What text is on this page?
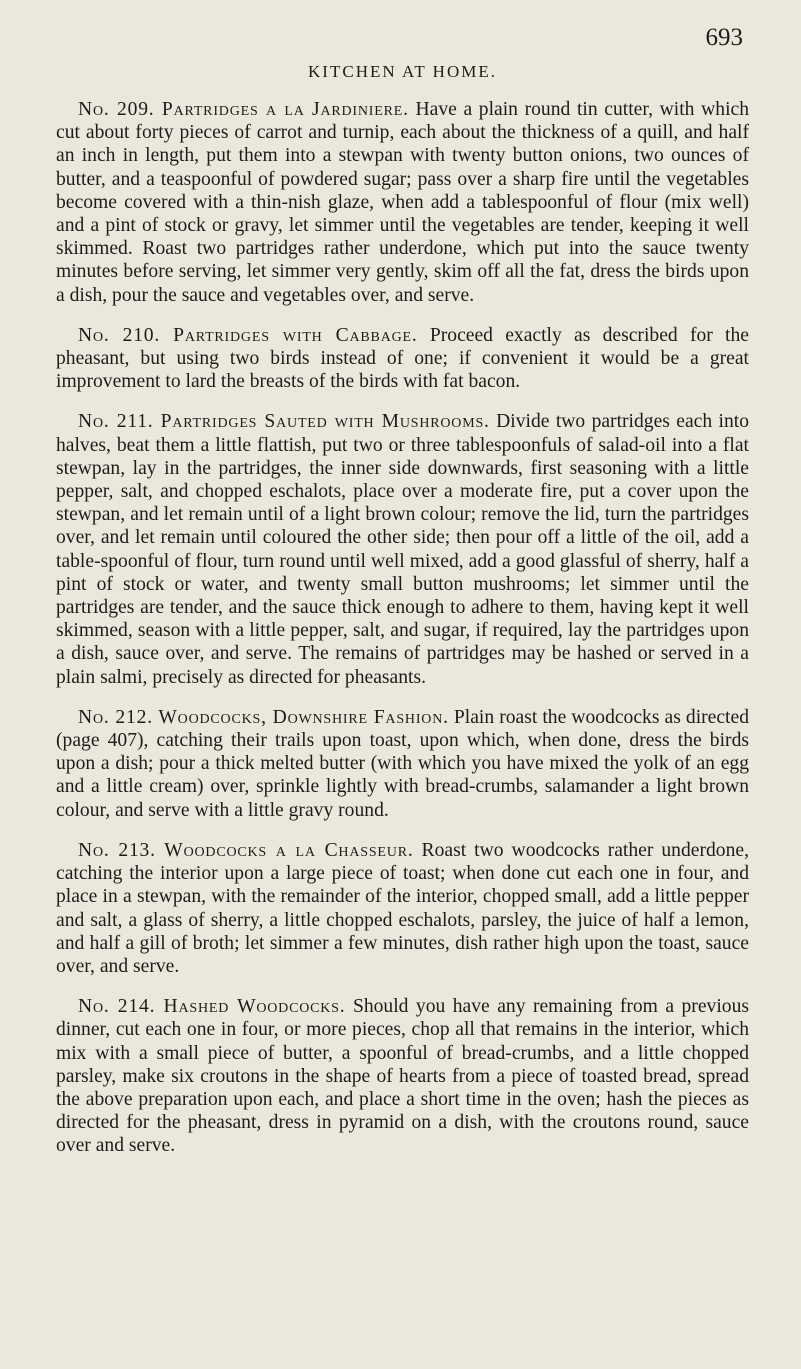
KITCHEN AT HOME.
693

No. 209. Partridges a la Jardiniere. Have a plain round tin cutter, with which cut about forty pieces of carrot and turnip, each about the thickness of a quill, and half an inch in length, put them into a stewpan with twenty button onions, two ounces of butter, and a teaspoonful of powdered sugar; pass over a sharp fire until the vegetables become covered with a thin-nish glaze, when add a tablespoonful of flour (mix well) and a pint of stock or gravy, let simmer until the vegetables are tender, keeping it well skimmed. Roast two partridges rather underdone, which put into the sauce twenty minutes before serving, let simmer very gently, skim off all the fat, dress the birds upon a dish, pour the sauce and vegetables over, and serve.

No. 210. Partridges with Cabbage. Proceed exactly as described for the pheasant, but using two birds instead of one; if convenient it would be a great improvement to lard the breasts of the birds with fat bacon.

No. 211. Partridges Sauted with Mushrooms. Divide two partridges each into halves, beat them a little flattish, put two or three tablespoonfuls of salad-oil into a flat stewpan, lay in the partridges, the inner side downwards, first seasoning with a little pepper, salt, and chopped eschalots, place over a moderate fire, put a cover upon the stewpan, and let remain until of a light brown colour; remove the lid, turn the partridges over, and let remain until coloured the other side; then pour off a little of the oil, add a table-spoonful of flour, turn round until well mixed, add a good glassful of sherry, half a pint of stock or water, and twenty small button mushrooms; let simmer until the partridges are tender, and the sauce thick enough to adhere to them, having kept it well skimmed, season with a little pepper, salt, and sugar, if required, lay the partridges upon a dish, sauce over, and serve. The remains of partridges may be hashed or served in a plain salmi, precisely as directed for pheasants.

No. 212. Woodcocks, Downshire Fashion. Plain roast the woodcocks as directed (page 407), catching their trails upon toast, upon which, when done, dress the birds upon a dish; pour a thick melted butter (with which you have mixed the yolk of an egg and a little cream) over, sprinkle lightly with bread-crumbs, salamander a light brown colour, and serve with a little gravy round.

No. 213. Woodcocks a la Chasseur. Roast two woodcocks rather underdone, catching the interior upon a large piece of toast; when done cut each one in four, and place in a stewpan, with the remainder of the interior, chopped small, add a little pepper and salt, a glass of sherry, a little chopped eschalots, parsley, the juice of half a lemon, and half a gill of broth; let simmer a few minutes, dish rather high upon the toast, sauce over, and serve.

No. 214. Hashed Woodcocks. Should you have any remaining from a previous dinner, cut each one in four, or more pieces, chop all that remains in the interior, which mix with a small piece of butter, a spoonful of bread-crumbs, and a little chopped parsley, make six croutons in the shape of hearts from a piece of toasted bread, spread the above preparation upon each, and place a short time in the oven; hash the pieces as directed for the pheasant, dress in pyramid on a dish, with the croutons round, sauce over and serve.
